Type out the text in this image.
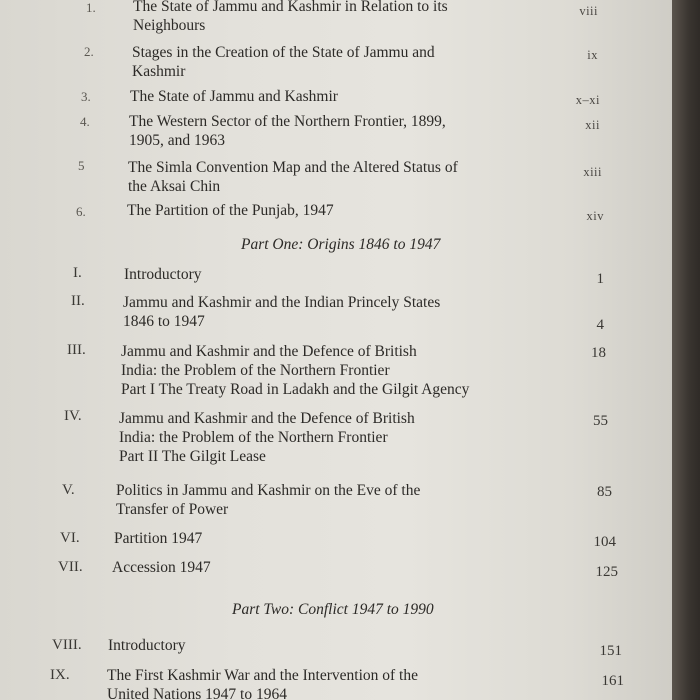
1. The State of Jammu and Kashmir in Relation to its
Neighbours
viii
2. Stages in the Creation of the State of Jammu and
Kashmir
ix
3.	The State of Jammu and Kashmir	x–xi
4.	The Western Sector of the Northern Frontier, 1899,
1905, and 1963
xii
5	The Simla Convention Map and the Altered Status of
the Aksai Chin
xiii
6.	The Partition of the Punjab, 1947	xiv
Part One: Origins 1846 to 1947
I.	Introductory	1
II. Jammu and Kashmir and the Indian Princely States
1846 to 1947	4
III. Jammu and Kashmir and the Defence of British
India: the Problem of the Northern Frontier
Part I The Treaty Road in Ladakh and the Gilgit Agency
18
IV. Jammu and Kashmir and the Defence of British
India: the Problem of the Northern Frontier
Part II The Gilgit Lease
55
V.	Politics in Jammu and Kashmir on the Eve of the
Transfer of Power
85
VI. Partition 1947	104
VII. Accession 1947	125
Part Two: Conflict 1947 to 1990
VIII. Introductory	151
IX. The First Kashmir War and the Intervention of the
United Nations 1947 to 1964
161
